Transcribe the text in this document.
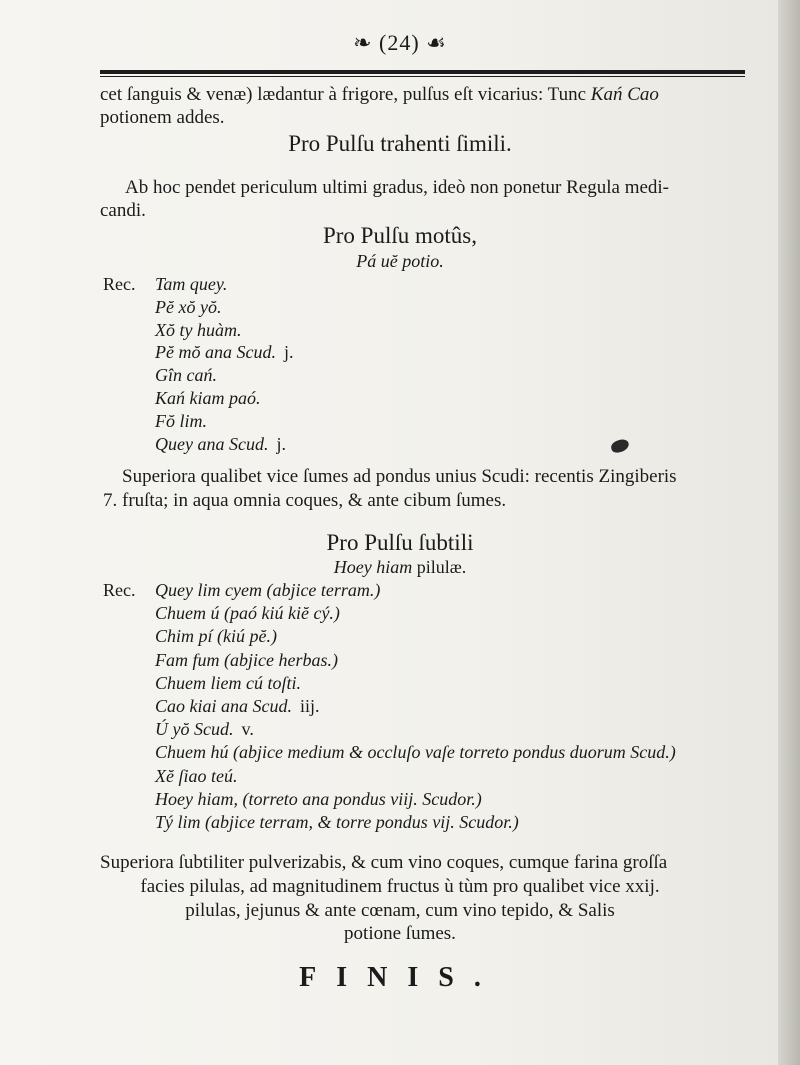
❧ (24) ☙
cet ſanguis & venæ) lædantur à frigore, pulſus eſt vicarius: Tunc Kań Cao
potionem addes.
Pro Pulſu trahenti ſimili.
Ab hoc pendet periculum ultimi gradus, ideò non ponetur Regula medi-
candi.
Pro Pulſu motûs,
Pá uĕ potio.
Rec. Tam quey.
Pĕ xŏ yŏ.
Xŏ ty huàm.
Pĕ mŏ ana Scud. j.
Gîn cań.
Kań kiam paó.
Fŏ lim.
Quey ana Scud. j.
Superiora qualibet vice ſumes ad pondus unius Scudi: recentis Zingiberis
7. fruſta; in aqua omnia coques, & ante cibum ſumes.
Pro Pulſu ſubtili
Hoey hiam pilulæ.
Rec. Quey lim cyem (abjice terram.)
Chuem ú (paó kiú kiĕ cý.)
Chim pí (kiú pĕ.)
Fam fum (abjice herbas.)
Chuem liem cú toſti.
Cao kiai ana Scud. iij.
Ú yŏ Scud. v.
Chuem hú (abjice medium & occluſo vaſe torreto pondus duorum Scud.)
Xĕ ſiao teú.
Hoey hiam, (torreto ana pondus viij. Scudor.)
Tý lim (abjice terram, & torre pondus vij. Scudor.)
Superiora ſubtiliter pulverizabis, & cum vino coques, cumque farina groſſa
facies pilulas, ad magnitudinem fructus ù tùm pro qualibet vice xxij.
pilulas, jejunus & ante cœnam, cum vino tepido, & Salis
potione ſumes.
FINIS.
